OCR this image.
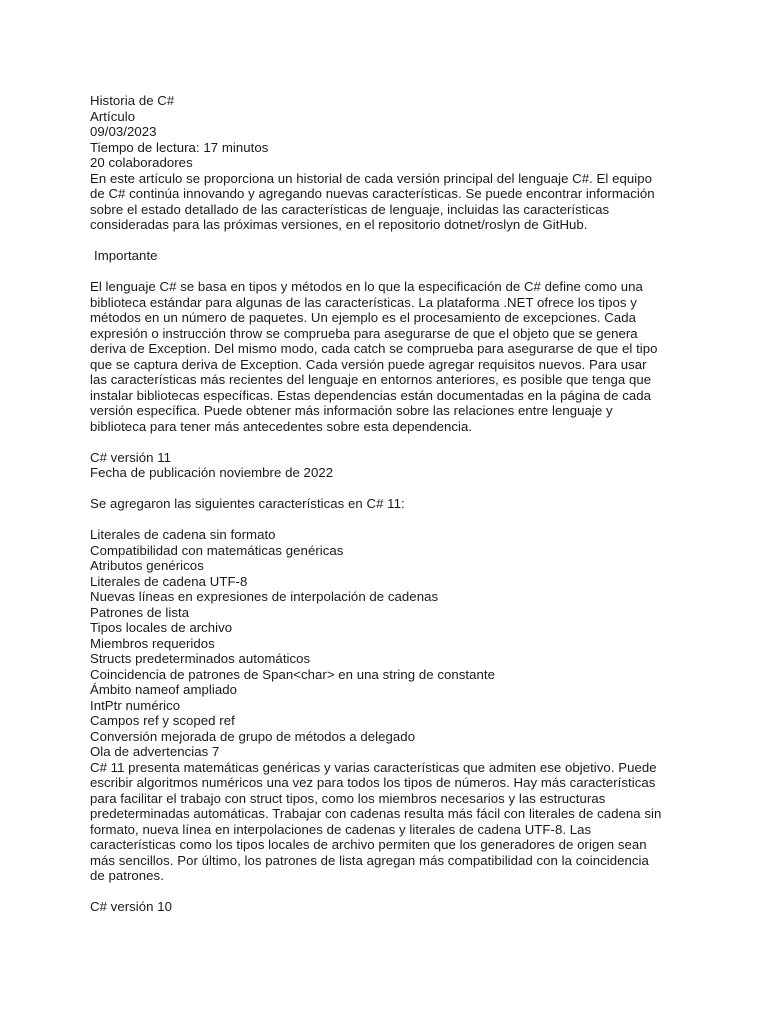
Historia de C#
Artículo
09/03/2023
Tiempo de lectura: 17 minutos
20 colaboradores
En este artículo se proporciona un historial de cada versión principal del lenguaje C#. El equipo de C# continúa innovando y agregando nuevas características. Se puede encontrar información sobre el estado detallado de las características de lenguaje, incluidas las características consideradas para las próximas versiones, en el repositorio dotnet/roslyn de GitHub.
Importante
El lenguaje C# se basa en tipos y métodos en lo que la especificación de C# define como una biblioteca estándar para algunas de las características. La plataforma .NET ofrece los tipos y métodos en un número de paquetes. Un ejemplo es el procesamiento de excepciones. Cada expresión o instrucción throw se comprueba para asegurarse de que el objeto que se genera deriva de Exception. Del mismo modo, cada catch se comprueba para asegurarse de que el tipo que se captura deriva de Exception. Cada versión puede agregar requisitos nuevos. Para usar las características más recientes del lenguaje en entornos anteriores, es posible que tenga que instalar bibliotecas específicas. Estas dependencias están documentadas en la página de cada versión específica. Puede obtener más información sobre las relaciones entre lenguaje y biblioteca para tener más antecedentes sobre esta dependencia.
C# versión 11
Fecha de publicación noviembre de 2022
Se agregaron las siguientes características en C# 11:
Literales de cadena sin formato
Compatibilidad con matemáticas genéricas
Atributos genéricos
Literales de cadena UTF-8
Nuevas líneas en expresiones de interpolación de cadenas
Patrones de lista
Tipos locales de archivo
Miembros requeridos
Structs predeterminados automáticos
Coincidencia de patrones de Span<char> en una string de constante
Ámbito nameof ampliado
IntPtr numérico
Campos ref y scoped ref
Conversión mejorada de grupo de métodos a delegado
Ola de advertencias 7
C# 11 presenta matemáticas genéricas y varias características que admiten ese objetivo. Puede escribir algoritmos numéricos una vez para todos los tipos de números. Hay más características para facilitar el trabajo con struct tipos, como los miembros necesarios y las estructuras predeterminadas automáticas. Trabajar con cadenas resulta más fácil con literales de cadena sin formato, nueva línea en interpolaciones de cadenas y literales de cadena UTF-8. Las características como los tipos locales de archivo permiten que los generadores de origen sean más sencillos. Por último, los patrones de lista agregan más compatibilidad con la coincidencia de patrones.
C# versión 10
